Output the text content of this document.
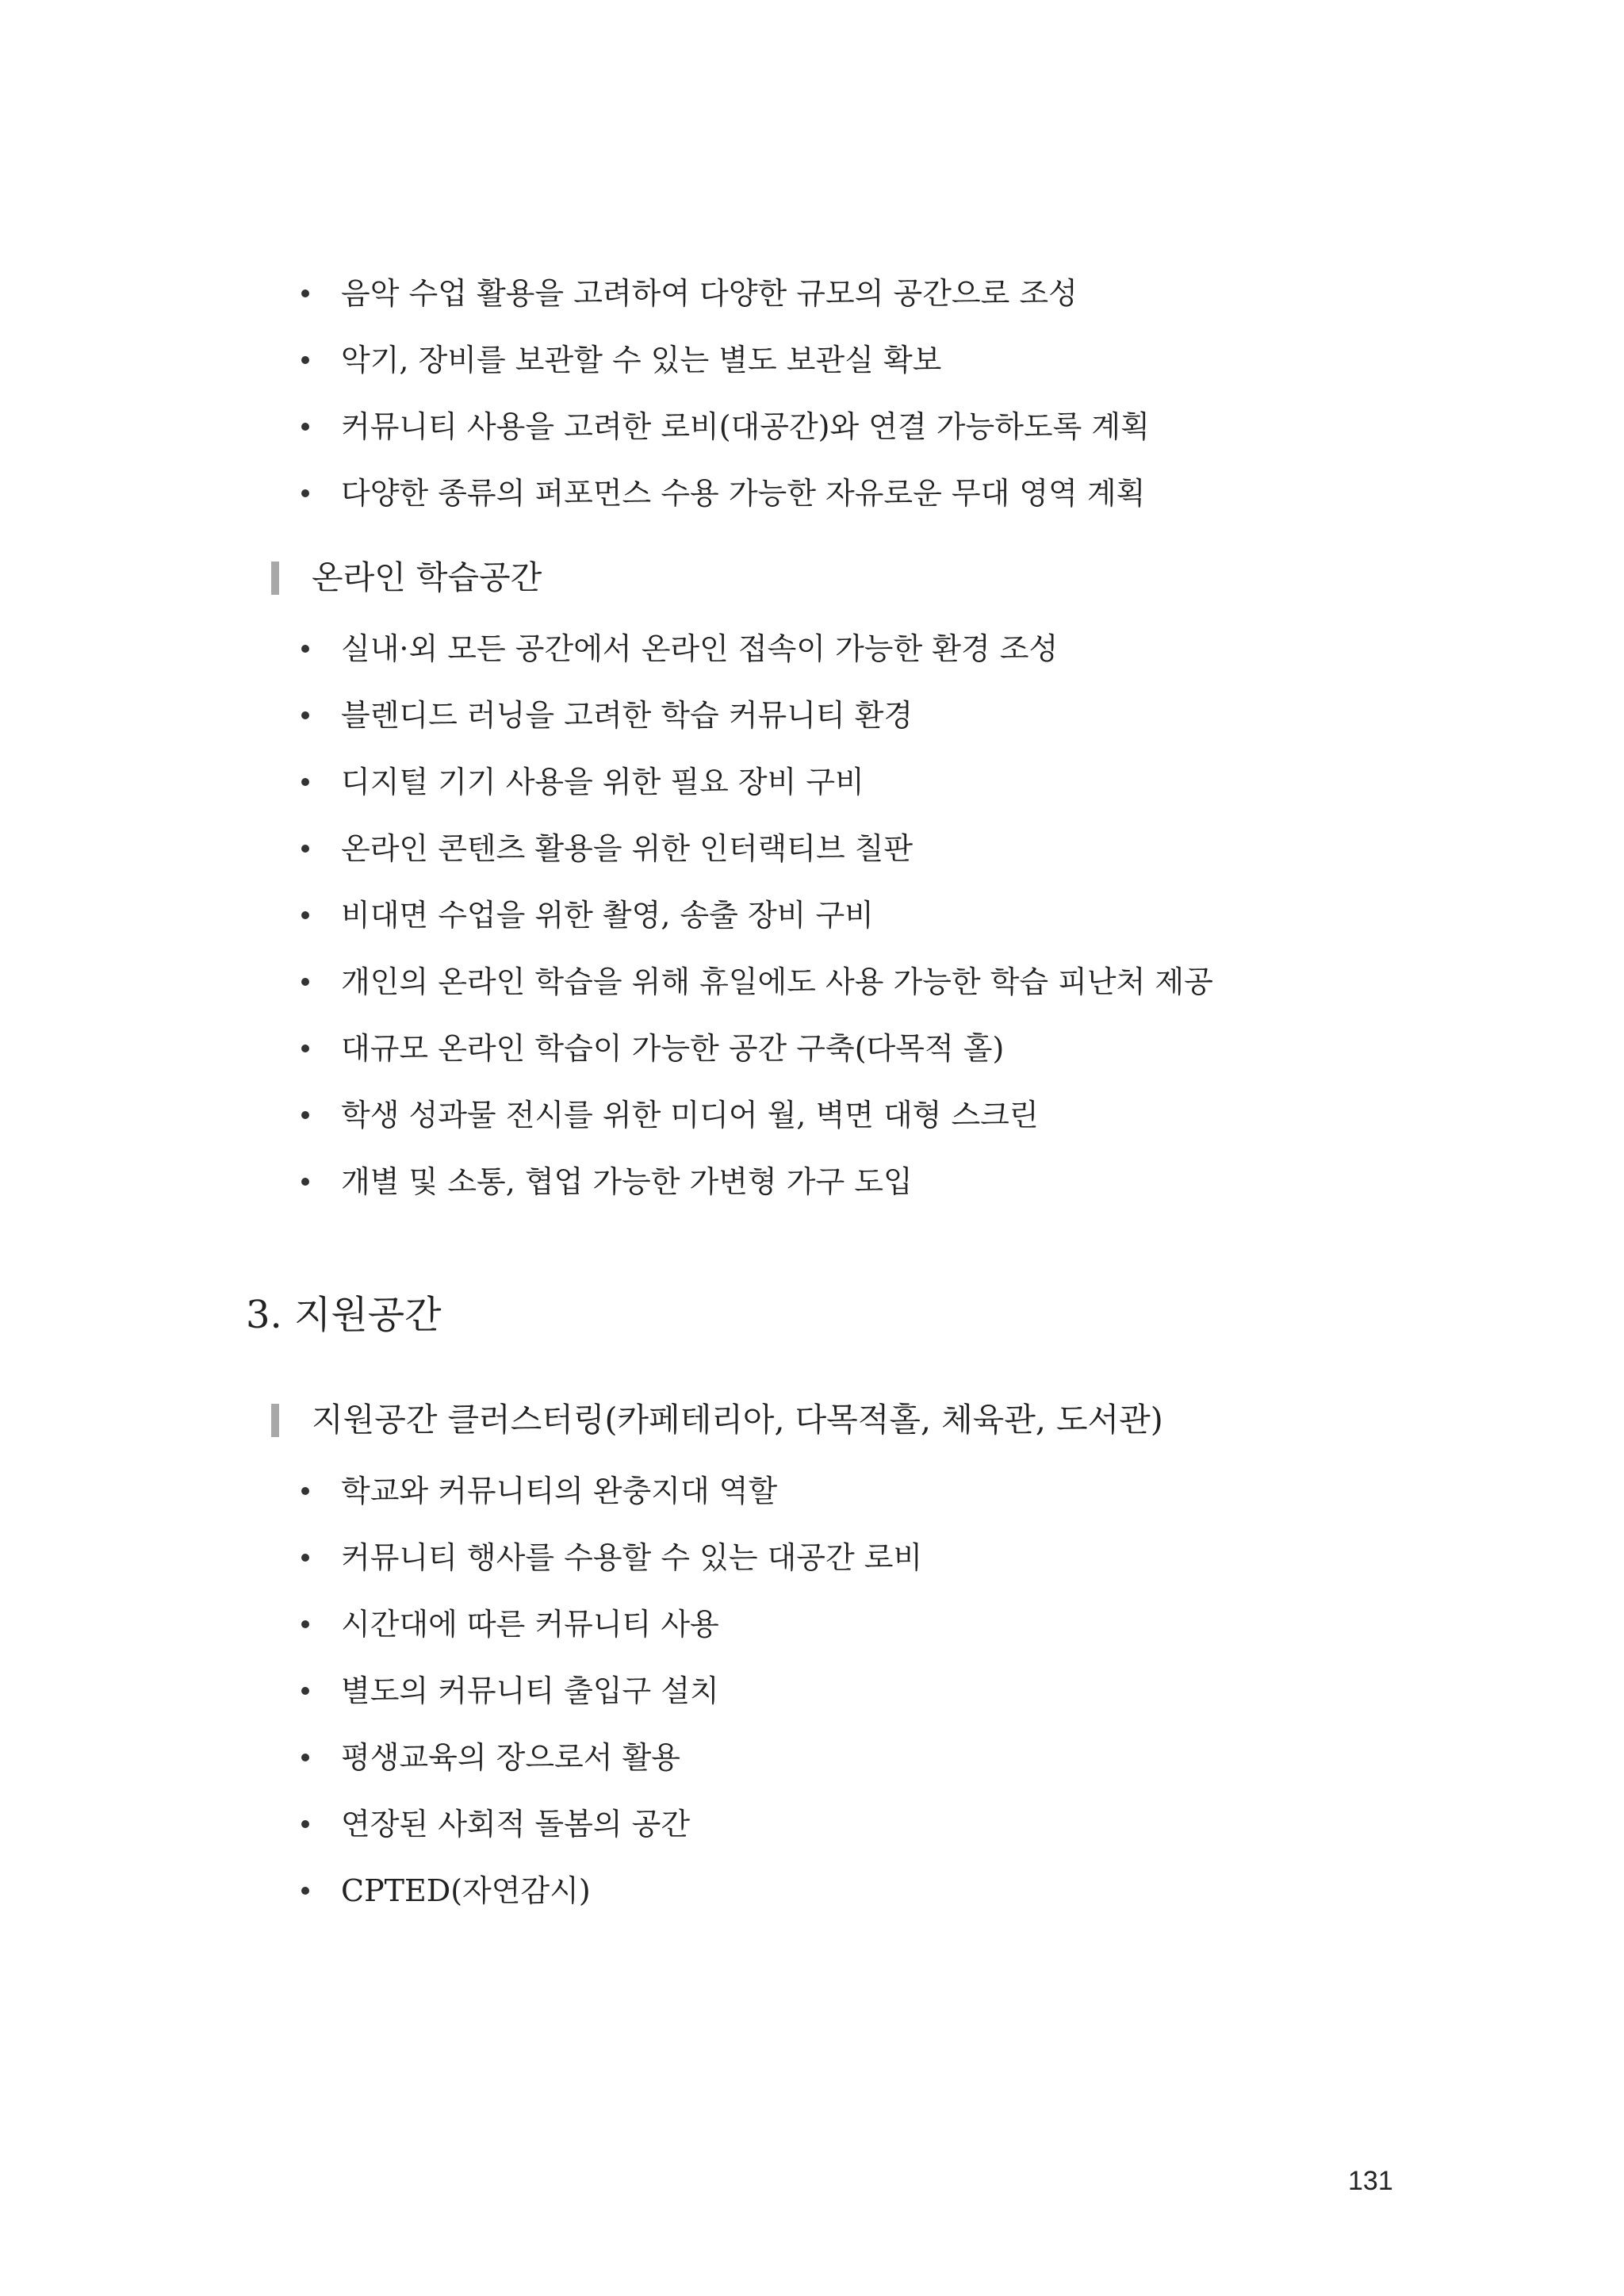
음악 수업 활용을 고려하여 다양한 규모의 공간으로 조성
악기, 장비를 보관할 수 있는 별도 보관실 확보
커뮤니티 사용을 고려한 로비(대공간)와 연결 가능하도록 계획
다양한 종류의 퍼포먼스 수용 가능한 자유로운 무대 영역 계획
온라인 학습공간
실내·외 모든 공간에서 온라인 접속이 가능한 환경 조성
블렌디드 러닝을 고려한 학습 커뮤니티 환경
디지털 기기 사용을 위한 필요 장비 구비
온라인 콘텐츠 활용을 위한 인터랙티브 칠판
비대면 수업을 위한 촬영, 송출 장비 구비
개인의 온라인 학습을 위해 휴일에도 사용 가능한 학습 피난처 제공
대규모 온라인 학습이 가능한 공간 구축(다목적 홀)
학생 성과물 전시를 위한 미디어 월, 벽면 대형 스크린
개별 및 소통, 협업 가능한 가변형 가구 도입
3. 지원공간
지원공간 클러스터링(카페테리아, 다목적홀, 체육관, 도서관)
학교와 커뮤니티의 완충지대 역할
커뮤니티 행사를 수용할 수 있는 대공간 로비
시간대에 따른 커뮤니티 사용
별도의 커뮤니티 출입구 설치
평생교육의 장으로서 활용
연장된 사회적 돌봄의 공간
CPTED(자연감시)
131
